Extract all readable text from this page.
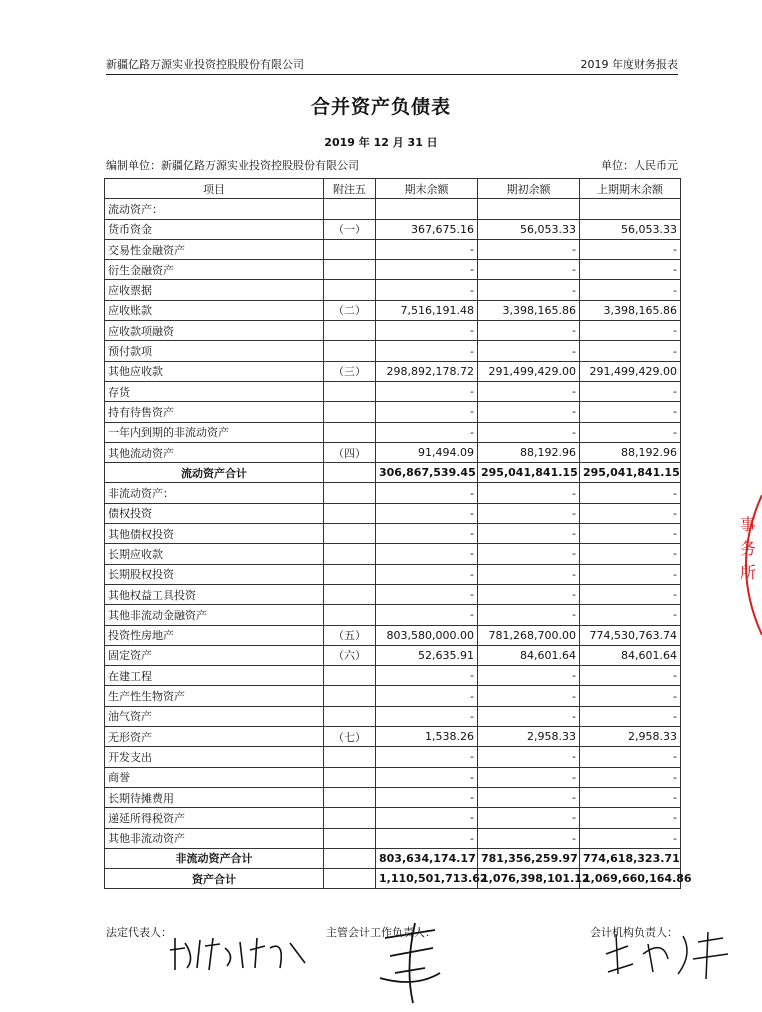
新疆亿路万源实业投资控股股份有限公司	2019 年度财务报表
合并资产负债表
2019 年 12 月 31 日
编制单位：新疆亿路万源实业投资控股股份有限公司	单位：人民币元
项目	附注五	期末余额	期初余额	上期期末余额
流动资产：				
货币资金	（一）	367,675.16	56,053.33	56,053.33
交易性金融资产		-	-	-
衍生金融资产		-	-	-
应收票据		-	-	-
应收账款	（二）	7,516,191.48	3,398,165.86	3,398,165.86
应收款项融资		-	-	-
预付款项		-	-	-
其他应收款	（三）	298,892,178.72	291,499,429.00	291,499,429.00
存货		-	-	-
持有待售资产		-	-	-
一年内到期的非流动资产		-	-	-
其他流动资产	（四）	91,494.09	88,192.96	88,192.96
流动资产合计		306,867,539.45	295,041,841.15	295,041,841.15
非流动资产：		-	-	-
债权投资		-	-	-
其他债权投资		-	-	-
长期应收款		-	-	-
长期股权投资		-	-	-
其他权益工具投资		-	-	-
其他非流动金融资产		-	-	-
投资性房地产	（五）	803,580,000.00	781,268,700.00	774,530,763.74
固定资产	（六）	52,635.91	84,601.64	84,601.64
在建工程		-	-	-
生产性生物资产		-	-	-
油气资产		-	-	-
无形资产	（七）	1,538.26	2,958.33	2,958.33
开发支出		-	-	-
商誉		-	-	-
长期待摊费用		-	-	-
递延所得税资产		-	-	-
其他非流动资产		-	-	-
非流动资产合计		803,634,174.17	781,356,259.97	774,618,323.71
资产合计		1,110,501,713.62	1,076,398,101.12	1,069,660,164.86
法定代表人：	主管会计工作负责人：	会计机构负责人：
事务所
